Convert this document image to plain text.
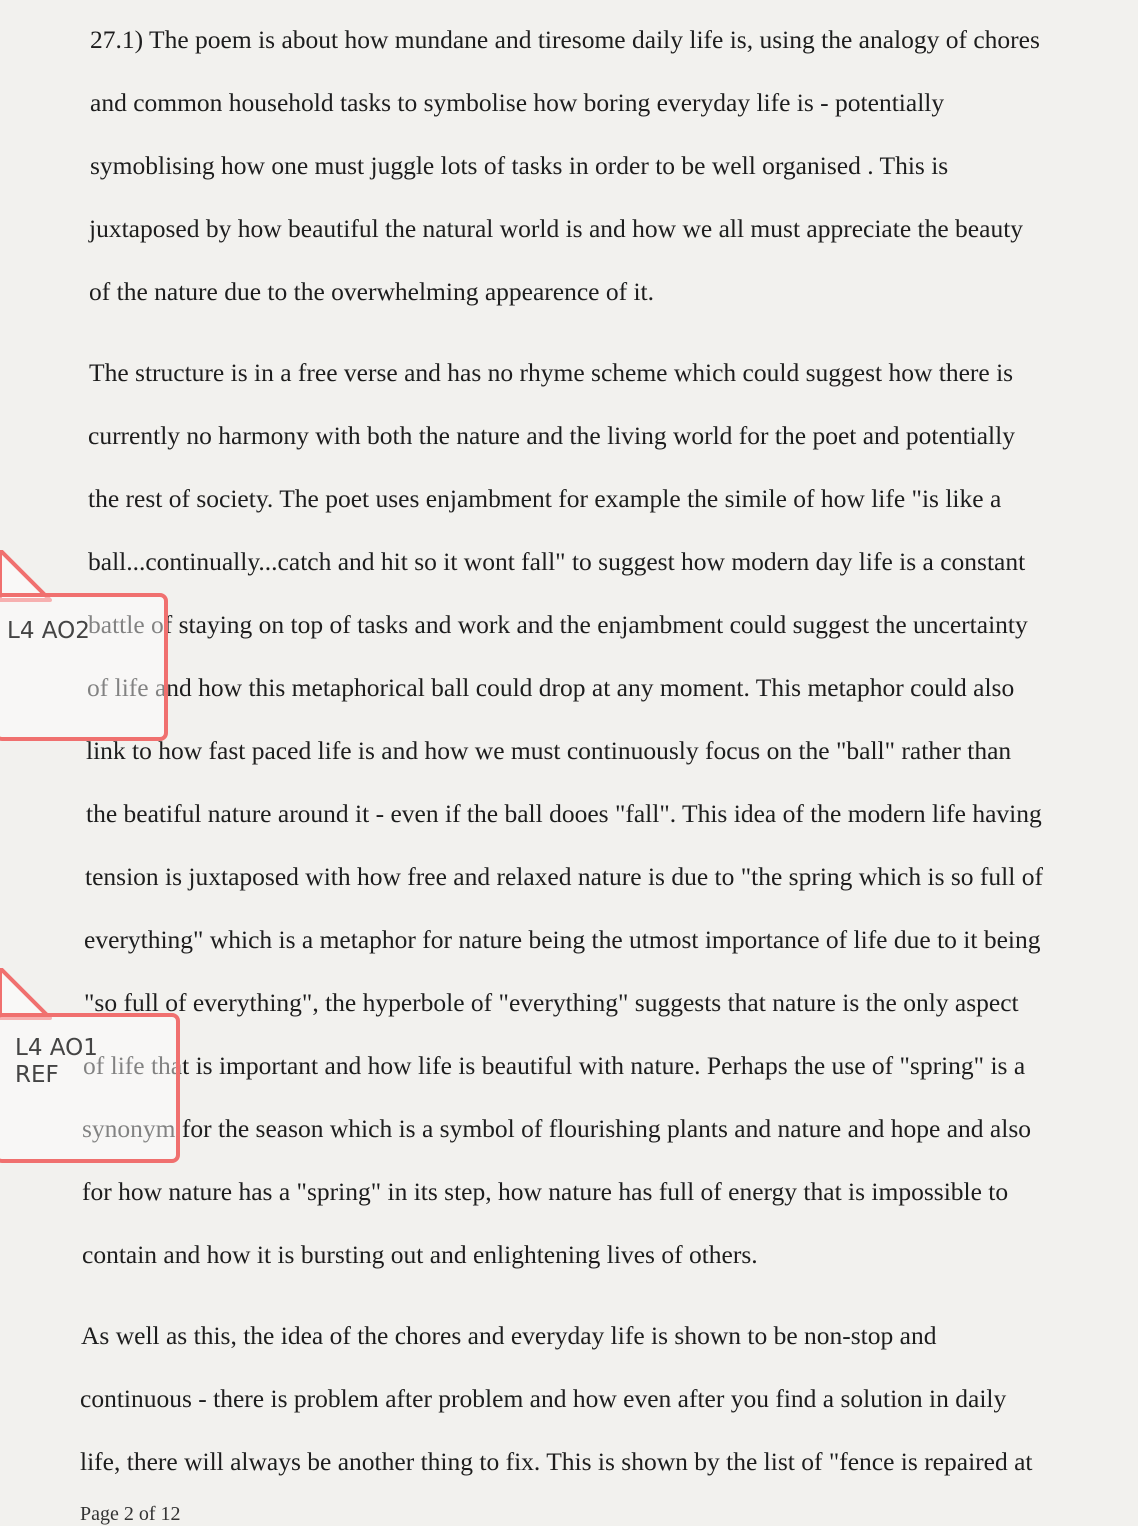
27.1) The poem is about how mundane and tiresome daily life is, using the analogy of chores
and common household tasks to symbolise how boring everyday life is - potentially
symoblising how one must juggle lots of tasks in order to be well organised . This is
juxtaposed by how beautiful the natural world is and how we all must appreciate the beauty
of the nature due to the overwhelming appearence of it.
The structure is in a free verse and has no rhyme scheme which could suggest how there is
currently no harmony with both the nature and the living world for the poet and potentially
the rest of society. The poet uses enjambment for example the simile of how life "is like a
ball...continually...catch and hit so it wont fall" to suggest how modern day life is a constant
battle of staying on top of tasks and work and the enjambment could suggest the uncertainty
of life and how this metaphorical ball could drop at any moment. This metaphor could also
link to how fast paced life is and how we must continuously focus on the "ball" rather than
the beatiful nature around it - even if the ball dooes "fall". This idea of the modern life having
tension is juxtaposed with how free and relaxed nature is due to "the spring which is so full of
everything" which is a metaphor for nature being the utmost importance of life due to it being
"so full of everything", the hyperbole of "everything" suggests that nature is the only aspect
of life that is important and how life is beautiful with nature. Perhaps the use of "spring" is a
synonym for the season which is a symbol of flourishing plants and nature and hope and also
for how nature has a "spring" in its step, how nature has full of energy that is impossible to
contain and how it is bursting out and enlightening lives of others.
As well as this, the idea of the chores and everyday life is shown to be non-stop and
continuous - there is problem after problem and how even after you find a solution in daily
life, there will always be another thing to fix. This is shown by the list of "fence is repaired at
Page 2 of 12
L4 AO2
L4 AO1
REF
